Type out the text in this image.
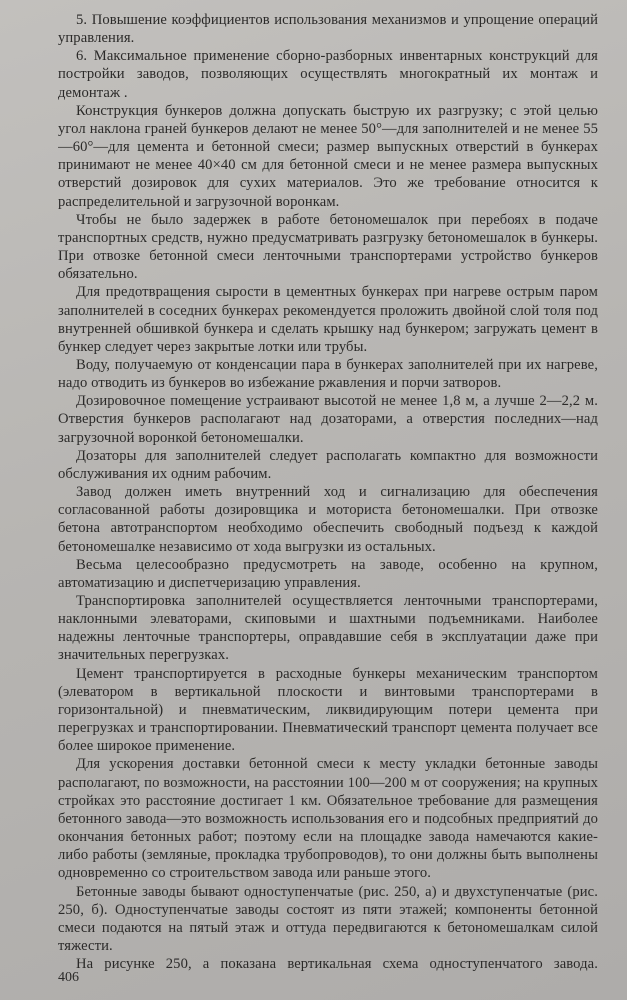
5. Повышение коэффициентов использования механизмов и упрощение операций управления.

6. Максимальное применение сборно-разборных инвентарных конструкций для постройки заводов, позволяющих осуществлять многократный их монтаж и демонтаж .

Конструкция бункеров должна допускать быструю их разгрузку; с этой целью угол наклона граней бункеров делают не менее 50°—для заполнителей и не менее 55—60°—для цемента и бетонной смеси; размер выпускных отверстий в бункерах принимают не менее 40×40 см для бетонной смеси и не менее размера выпускных отверстий дозировок для сухих материалов. Это же требование относится к распределительной и загрузочной воронкам.

Чтобы не было задержек в работе бетономешалок при перебоях в подаче транспортных средств, нужно предусматривать разгрузку бетономешалок в бункеры. При отвозке бетонной смеси ленточными транспортерами устройство бункеров обязательно.

Для предотвращения сырости в цементных бункерах при нагреве острым паром заполнителей в соседних бункерах рекомендуется проложить двойной слой толя под внутренней обшивкой бункера и сделать крышку над бункером; загружать цемент в бункер следует через закрытые лотки или трубы.

Воду, получаемую от конденсации пара в бункерах заполнителей при их нагреве, надо отводить из бункеров во избежание ржавления и порчи затворов.

Дозировочное помещение устраивают высотой не менее 1,8 м, а лучше 2—2,2 м. Отверстия бункеров располагают над дозаторами, а отверстия последних—над загрузочной воронкой бетономешалки.

Дозаторы для заполнителей следует располагать компактно для возможности обслуживания их одним рабочим.

Завод должен иметь внутренний ход и сигнализацию для обеспечения согласованной работы дозировщика и моториста бетономешалки. При отвозке бетона автотранспортом необходимо обеспечить свободный подъезд к каждой бетономешалке независимо от хода выгрузки из остальных.

Весьма целесообразно предусмотреть на заводе, особенно на крупном, автоматизацию и диспетчеризацию управления.

Транспортировка заполнителей осуществляется ленточными транспортерами, наклонными элеваторами, скиповыми и шахтными подъемниками. Наиболее надежны ленточные транспортеры, оправдавшие себя в эксплуатации даже при значительных перегрузках.

Цемент транспортируется в расходные бункеры механическим транспортом (элеватором в вертикальной плоскости и винтовыми транспортерами в горизонтальной) и пневматическим, ликвидирующим потери цемента при перегрузках и транспортировании. Пневматический транспорт цемента получает все более широкое применение.

Для ускорения доставки бетонной смеси к месту укладки бетонные заводы располагают, по возможности, на расстоянии 100—200 м от сооружения; на крупных стройках это расстояние достигает 1 км. Обязательное требование для размещения бетонного завода—это возможность использования его и подсобных предприятий до окончания бетонных работ; поэтому если на площадке завода намечаются какие-либо работы (земляные, прокладка трубопроводов), то они должны быть выполнены одновременно со строительством завода или раньше этого.

Бетонные заводы бывают одноступенчатые (рис. 250, а) и двухступенчатые (рис. 250, б). Одноступенчатые заводы состоят из пяти этажей; компоненты бетонной смеси подаются на пятый этаж и оттуда передвигаются к бетономешалкам силой тяжести.

На рисунке 250, а показана вертикальная схема одноступенчатого завода.

406
